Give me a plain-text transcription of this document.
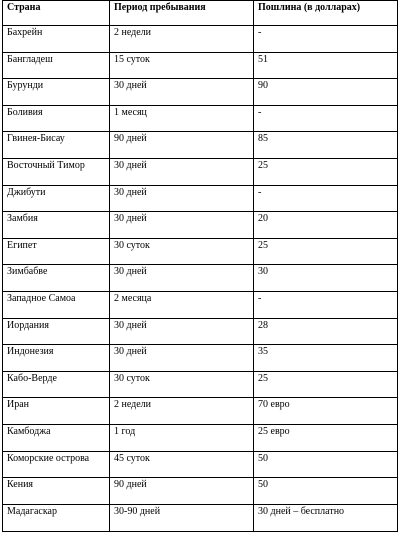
Страна	Период пребывания	Пошлина (в долларах)
Бахрейн	2 недели	-
Бангладеш	15 суток	51
Бурунди	30 дней	90
Боливия	1 месяц	-
Гвинея-Бисау	90 дней	85
Восточный Тимор	30 дней	25
Джибути	30 дней	-
Замбия	30 дней	20
Египет	30 суток	25
Зимбабве	30 дней	30
Западное Самоа	2 месяца	-
Иордания	30 дней	28
Индонезия	30 дней	35
Кабо-Верде	30 суток	25
Иран	2 недели	70 евро
Камбоджа	1 год	25 евро
Коморские острова	45 суток	50
Кения	90 дней	50
Мадагаскар	30-90 дней	30 дней – бесплатно
